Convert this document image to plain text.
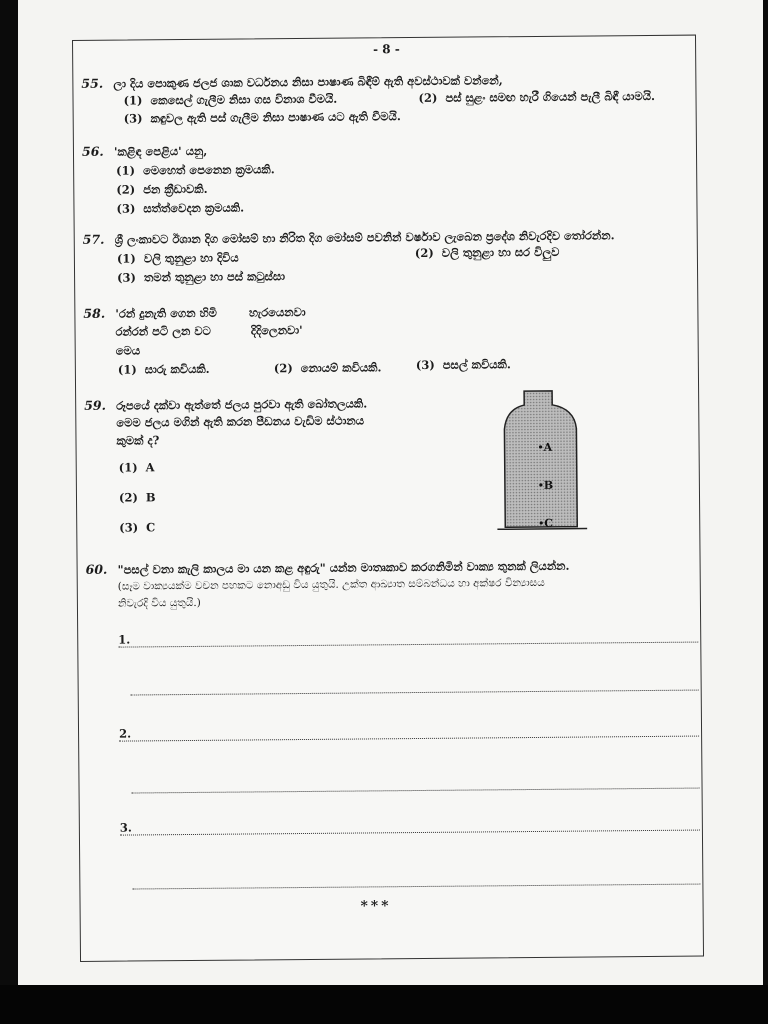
- 8 -
55. ලා දිය පොකුණ ජලජ ශාක වර්ධනය නිසා පාෂාණ බිඳීම් ඇති අවස්ථාවක් වන්නේ,
(1) කෙසෙල් ගැලීම නිසා ගස විනාශ වීමයි.	(2) පස් සුළං සමඟ හැරී ගියෙන් පැලී බිඳී යාමයි.
(3) කඳුවල ඇති පස් ගැලීම නිසා පාෂාණ යට ඇති වීමයි.
56. 'කළිඳ පෙළිය' යනු,
(1) මෙහෙත් පෙනෙන ක්‍රමයකි.
(2) ජන ක්‍රීඩාවකි.
(3) සත්ත්වෙදන ක්‍රමයකි.
57. ශ්‍රී ලංකාවට ඊශාන දිග මෝසම් හා නිරිත දිග මෝසම් පවනින් වර්ෂාව ලැබෙන ප්‍රදේශ නිවැරදිව තෝරන්න.
(1) වලි තුනුළා හා දිවිය	(2) වලි තුනුළා හා සර විලුව
(3) තමන් තුනුළා හා පස් කටුස්සා
58. 'රන් දුනැති ගෙන හිමි        හැරයෙනවා
රන්රන් පටි ලන වට          දිදිලෙනවා'
මෙය
(1) සාරු කවියකි.	(2) නොයම් කවියකි.	(3) පසල් කවියකි.
59. රූපයේ දක්වා ඇත්තේ ජලය පුරවා ඇති බෝතලයකි.
මෙම ජලය මගින් ඇති කරන පීඩනය වැඩිම ස්ථානය
කුමක් ද?
(1) A
(2) B
(3) C
A
B
C
60. "පසල් වනා කැලි කාලය මා යන කළ අඳුරු" යන්න මාතෘකාව කරගනිමින් වාක්‍ය තුනක් ලියන්න.
(සෑම වාක්‍යයක්ම වචන පහකට නොඅඩු විය යුතුයි. උක්ත ආඛ්‍යාත සම්බන්ධය හා අක්ෂර වින්‍යාසය
නිවැරදි විය යුතුයි.)
1.
2.
3.
***
